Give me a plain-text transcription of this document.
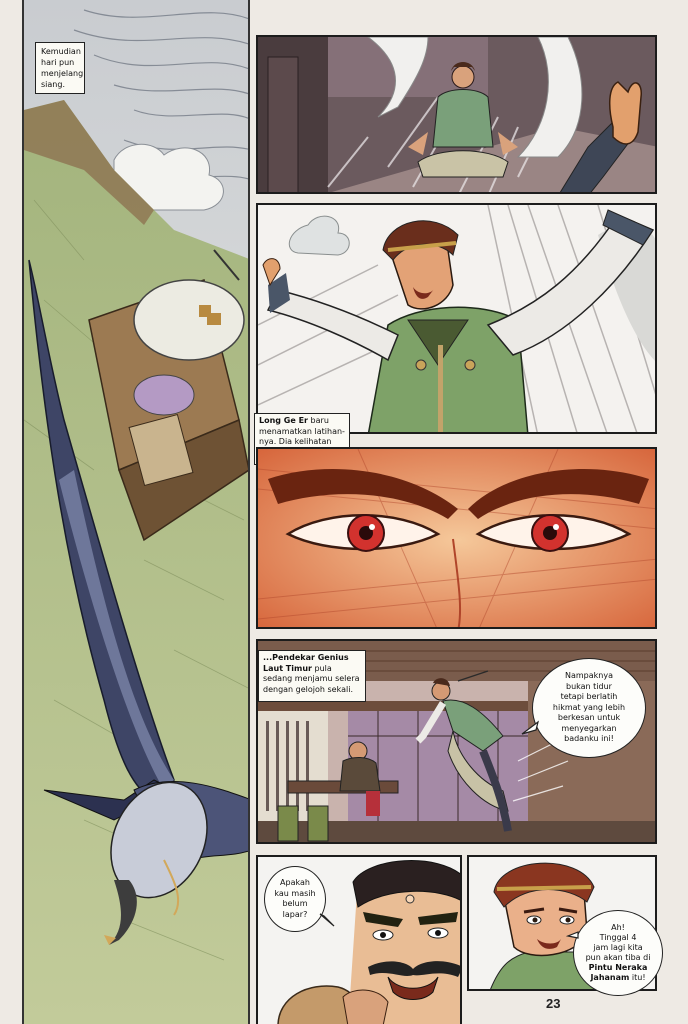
Kemudian
hari pun
menjelang
siang.
Long Ge Er baru
menamatkan latihan-
nya. Dia kelihatan
...Pendekar Genius
Laut Timur pula
sedang menjamu selera
dengan gelojoh sekali.
Nampaknya
bukan tidur
tetapi berlatih
hikmat yang lebih
berkesan untuk
menyegarkan
badanku ini!
Apakah
kau masih
belum
lapar?
Ah!
Tinggal 4
jam lagi kita
pun akan tiba di
Pintu Neraka
Jahanam itu!
23
